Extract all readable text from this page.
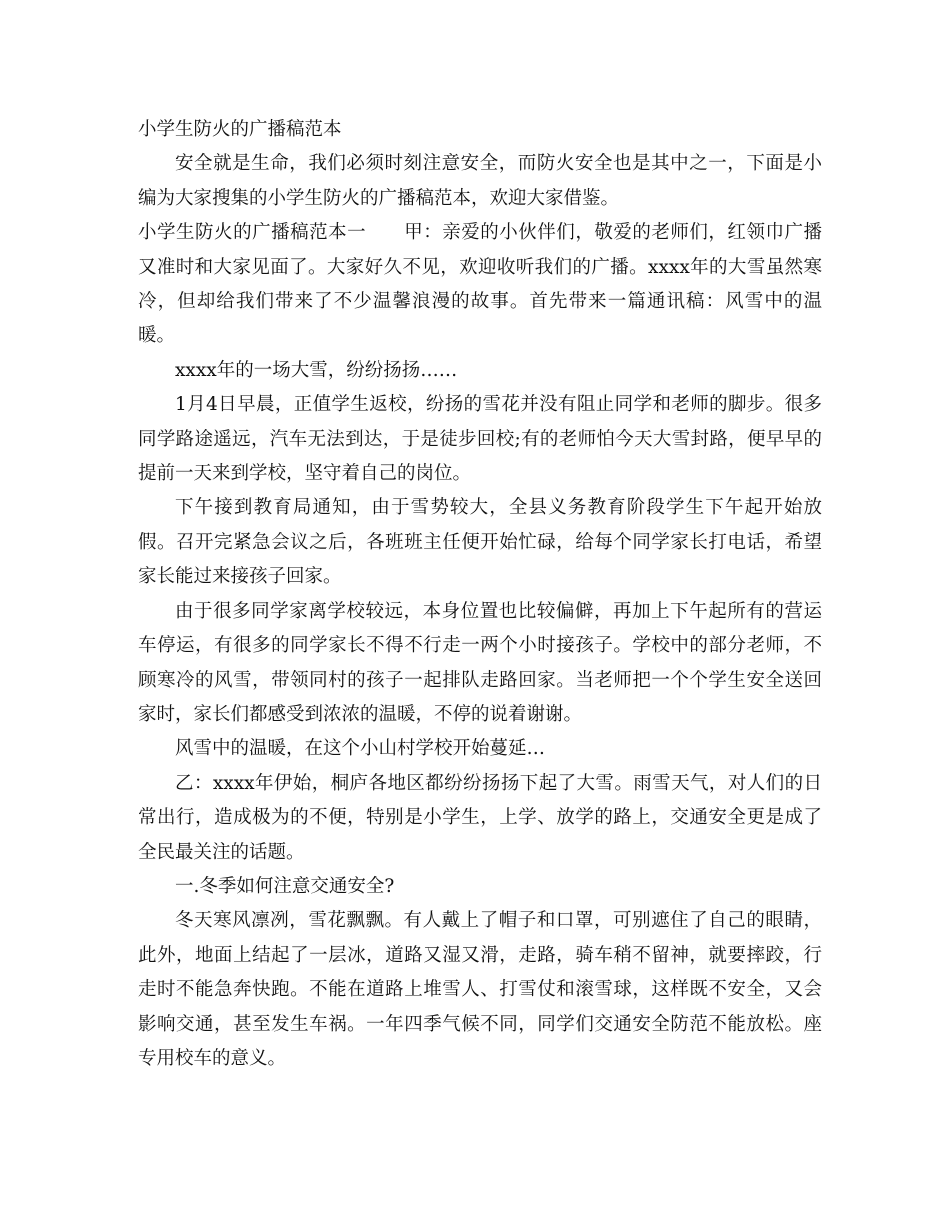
小学生防火的广播稿范本

安全就是生命，我们必须时刻注意安全，而防火安全也是其中之一，下面是小编为大家搜集的小学生防火的广播稿范本，欢迎大家借鉴。

小学生防火的广播稿范本一　　甲：亲爱的小伙伴们，敬爱的老师们，红领巾广播又准时和大家见面了。大家好久不见，欢迎收听我们的广播。xxxx年的大雪虽然寒冷，但却给我们带来了不少温馨浪漫的故事。首先带来一篇通讯稿：风雪中的温暖。

xxxx年的一场大雪，纷纷扬扬……

1月4日早晨，正值学生返校，纷扬的雪花并没有阻止同学和老师的脚步。很多同学路途遥远，汽车无法到达，于是徒步回校;有的老师怕今天大雪封路，便早早的提前一天来到学校，坚守着自己的岗位。

下午接到教育局通知，由于雪势较大，全县义务教育阶段学生下午起开始放假。召开完紧急会议之后，各班班主任便开始忙碌，给每个同学家长打电话，希望家长能过来接孩子回家。

由于很多同学家离学校较远，本身位置也比较偏僻，再加上下午起所有的营运车停运，有很多的同学家长不得不行走一两个小时接孩子。学校中的部分老师，不顾寒冷的风雪，带领同村的孩子一起排队走路回家。当老师把一个个学生安全送回家时，家长们都感受到浓浓的温暖，不停的说着谢谢。

风雪中的温暖，在这个小山村学校开始蔓延…

乙：xxxx年伊始，桐庐各地区都纷纷扬扬下起了大雪。雨雪天气，对人们的日常出行，造成极为的不便，特别是小学生，上学、放学的路上，交通安全更是成了全民最关注的话题。

一.冬季如何注意交通安全?

冬天寒风凛冽，雪花飘飘。有人戴上了帽子和口罩，可别遮住了自己的眼睛，此外，地面上结起了一层冰，道路又湿又滑，走路，骑车稍不留神，就要摔跤，行走时不能急奔快跑。不能在道路上堆雪人、打雪仗和滚雪球，这样既不安全，又会影响交通，甚至发生车祸。一年四季气候不同，同学们交通安全防范不能放松。座专用校车的意义。
